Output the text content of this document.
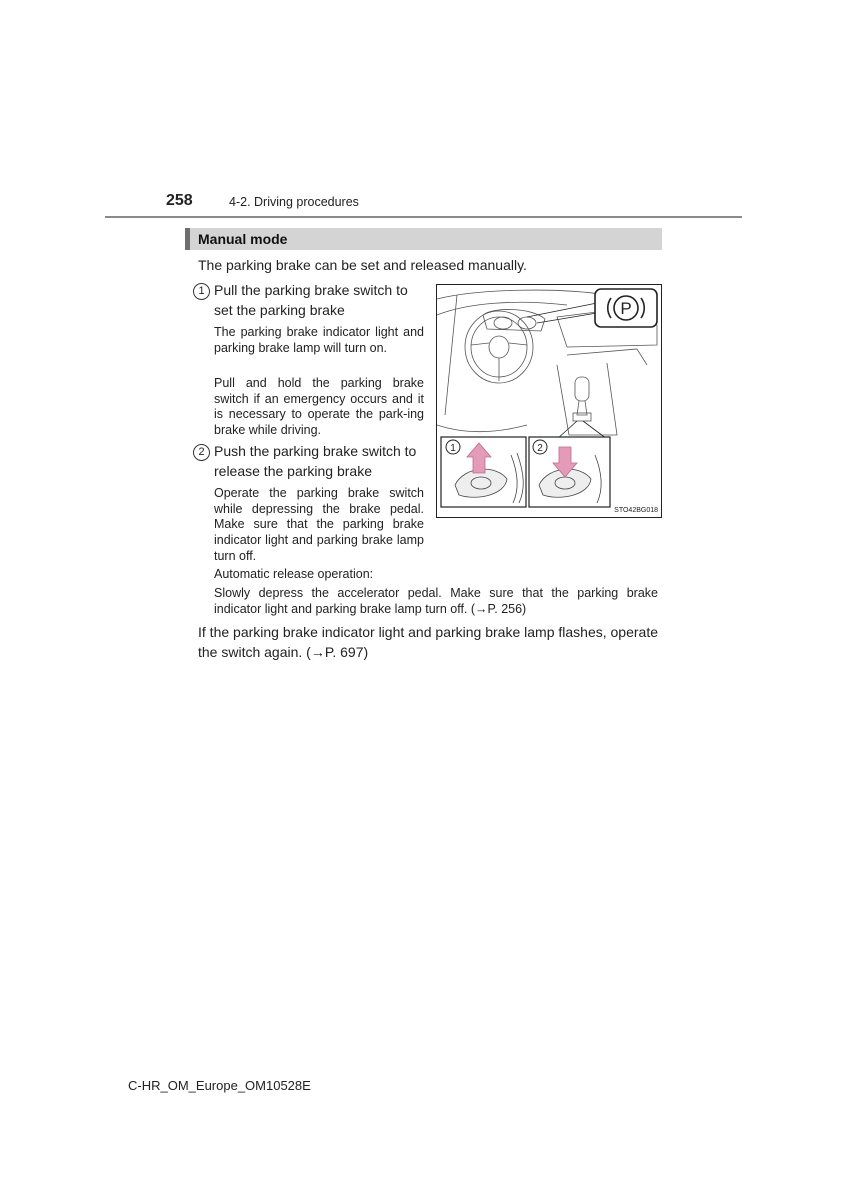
258	4-2. Driving procedures
Manual mode
The parking brake can be set and released manually.
1 Pull the parking brake switch to set the parking brake
The parking brake indicator light and parking brake lamp will turn on.
Pull and hold the parking brake switch if an emergency occurs and it is necessary to operate the park-ing brake while driving.
2 Push the parking brake switch to release the parking brake
Operate the parking brake switch while depressing the brake pedal. Make sure that the parking brake indicator light and parking brake lamp turn off.
Automatic release operation:
Slowly depress the accelerator pedal. Make sure that the parking brake indicator light and parking brake lamp turn off. (→P. 256)
If the parking brake indicator light and parking brake lamp flashes, operate the switch again. (→P. 697)
P
1	2
STO42BG018
C-HR_OM_Europe_OM10528E
